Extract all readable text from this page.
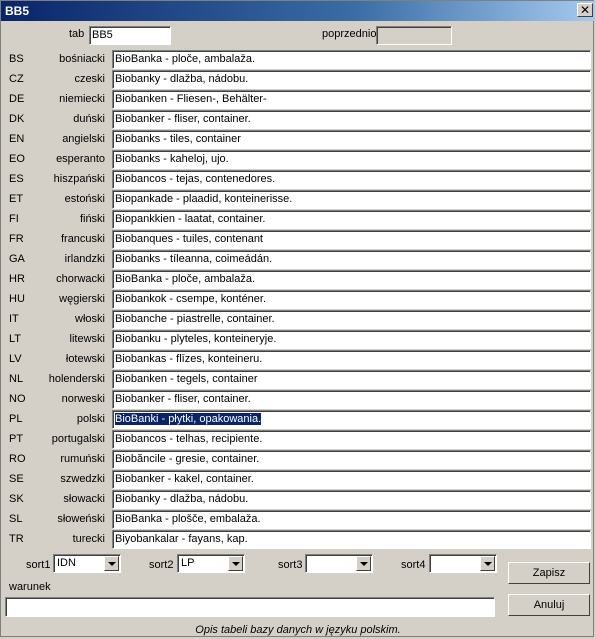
BB5	✕
tab BB5	poprzednio
BS	bośniacki BioBanka - ploče, ambalaža.
CZ	czeski Biobanky - dlažba, nádobu.
DE	niemiecki Biobanken - Fliesen-, Behälter-
DK	duński Biobanker - fliser, container.
EN	angielski Biobanks - tiles, container
EO	esperanto Biobanks - kaheloj, ujo.
ES	hiszpański Biobancos - tejas, contenedores.
ET	estoński Biopankade - plaadid, konteinerisse.
FI	fiński Biopankkien - laatat, container.
FR	francuski Biobanques - tuiles, contenant
GA	irlandzki Biobanks - tíleanna, coimeádán.
HR	chorwacki BioBanka - ploče, ambalaža.
HU	węgierski Biobankok - csempe, konténer.
IT	włoski Biobanche - piastrelle, container.
LT	litewski Biobanku - plyteles, konteineryje.
LV	łotewski Biobankas - flīzes, konteineru.
NL holenderski Biobanken - tegels, container
NO	norweski Biobanker - fliser, container.
PL	polski BioBanki - płytki, opakowania.
PT	portugalski Biobancos - telhas, recipiente.
RO	rumuński Biobăncile - gresie, container.
SE	szwedzki Biobanker - kakel, container.
SK	słowacki Biobanky - dlažba, nádobu.
SL	słoweński BioBanka - ploščе, embalaža.
TR	turecki Biyobankalar - fayans, kap.
sort1 IDN	sort2 LP	sort3	sort4
warunek
Zapisz
Anuluj
Opis tabeli bazy danych w języku polskim.
